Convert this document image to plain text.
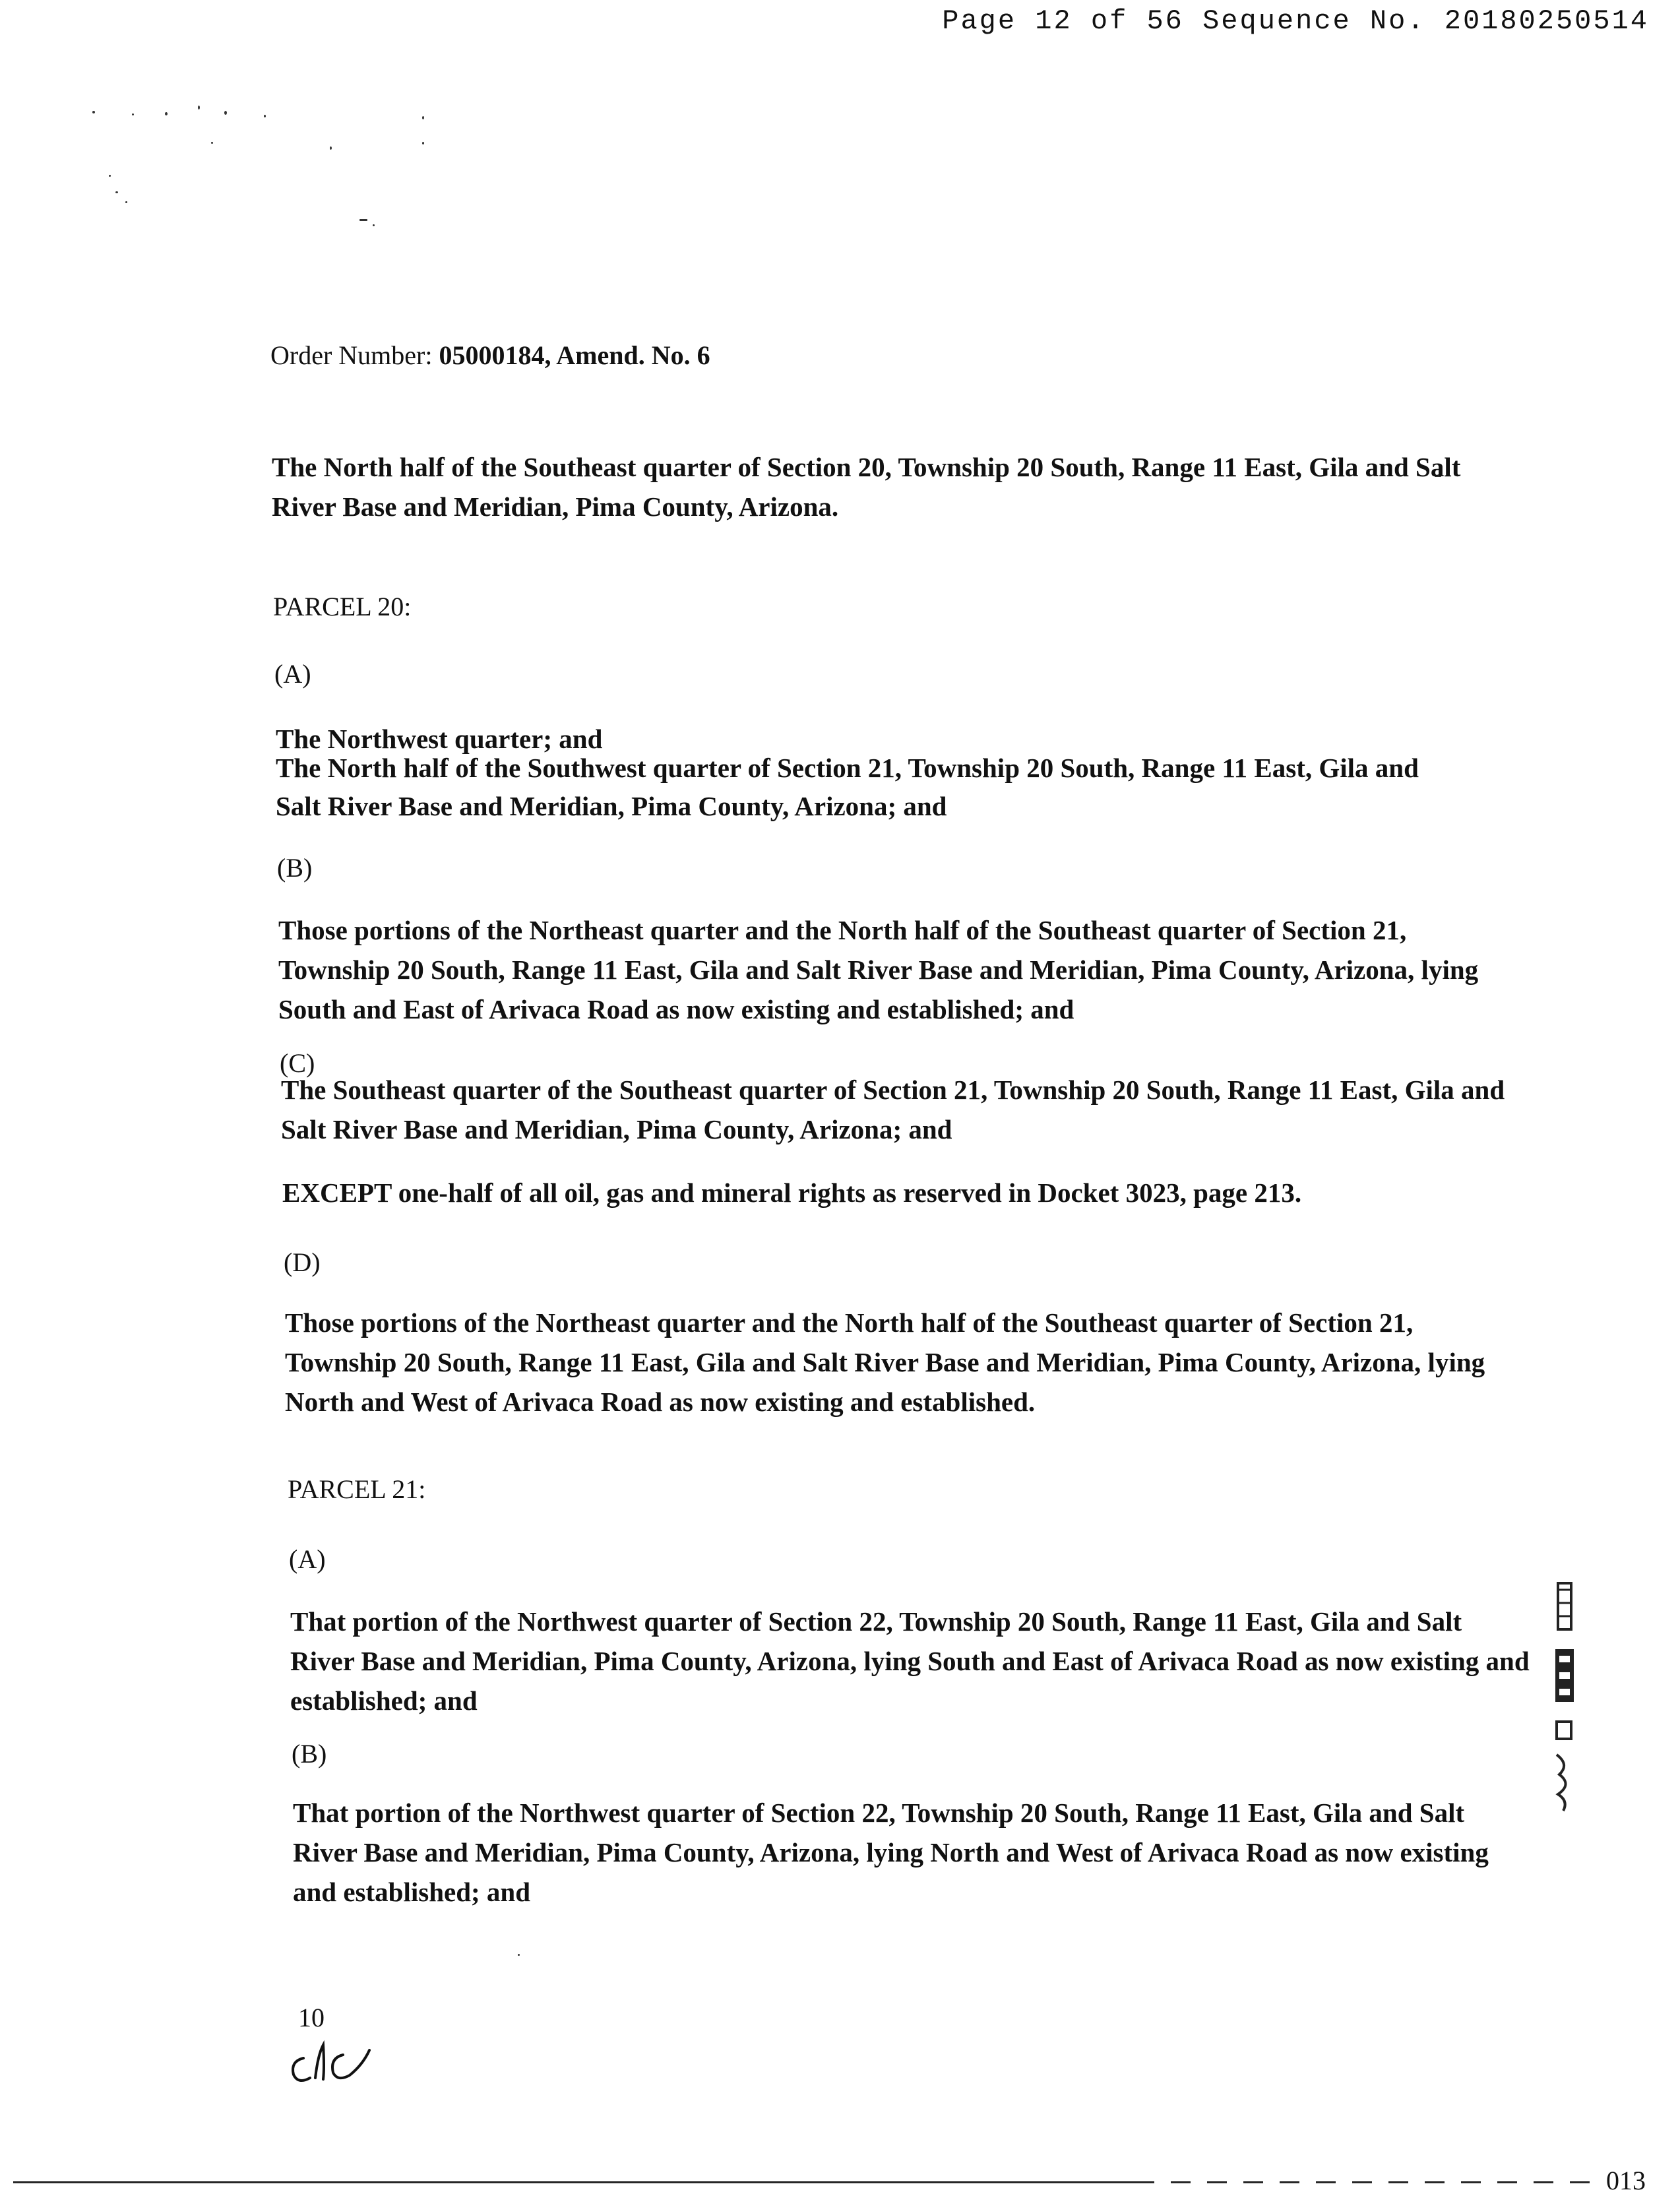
Page 12 of 56 Sequence No. 20180250514
Order Number: 05000184, Amend. No. 6

The North half of the Southeast quarter of Section 20, Township 20 South, Range 11 East, Gila and Salt River Base and Meridian, Pima County, Arizona.

PARCEL 20:

(A)

The Northwest quarter; and

The North half of the Southwest quarter of Section 21, Township 20 South, Range 11 East, Gila and

Salt River Base and Meridian, Pima County, Arizona; and

(B)

Those portions of the Northeast quarter and the North half of the Southeast quarter of Section 21, Township 20 South, Range 11 East, Gila and Salt River Base and Meridian, Pima County, Arizona, lying South and East of Arivaca Road as now existing and established; and

(C)

The Southeast quarter of the Southeast quarter of Section 21, Township 20 South, Range 11 East, Gila and Salt River Base and Meridian, Pima County, Arizona; and

EXCEPT one-half of all oil, gas and mineral rights as reserved in Docket 3023, page 213.

(D)

Those portions of the Northeast quarter and the North half of the Southeast quarter of Section 21, Township 20 South, Range 11 East, Gila and Salt River Base and Meridian, Pima County, Arizona, lying North and West of Arivaca Road as now existing and established.

PARCEL 21:

(A)

That portion of the Northwest quarter of Section 22, Township 20 South, Range 11 East, Gila and Salt River Base and Meridian, Pima County, Arizona, lying South and East of Arivaca Road as now existing and established; and

(B)

That portion of the Northwest quarter of Section 22, Township 20 South, Range 11 East, Gila and Salt River Base and Meridian, Pima County, Arizona, lying North and West of Arivaca Road as now existing and established; and

10
013
